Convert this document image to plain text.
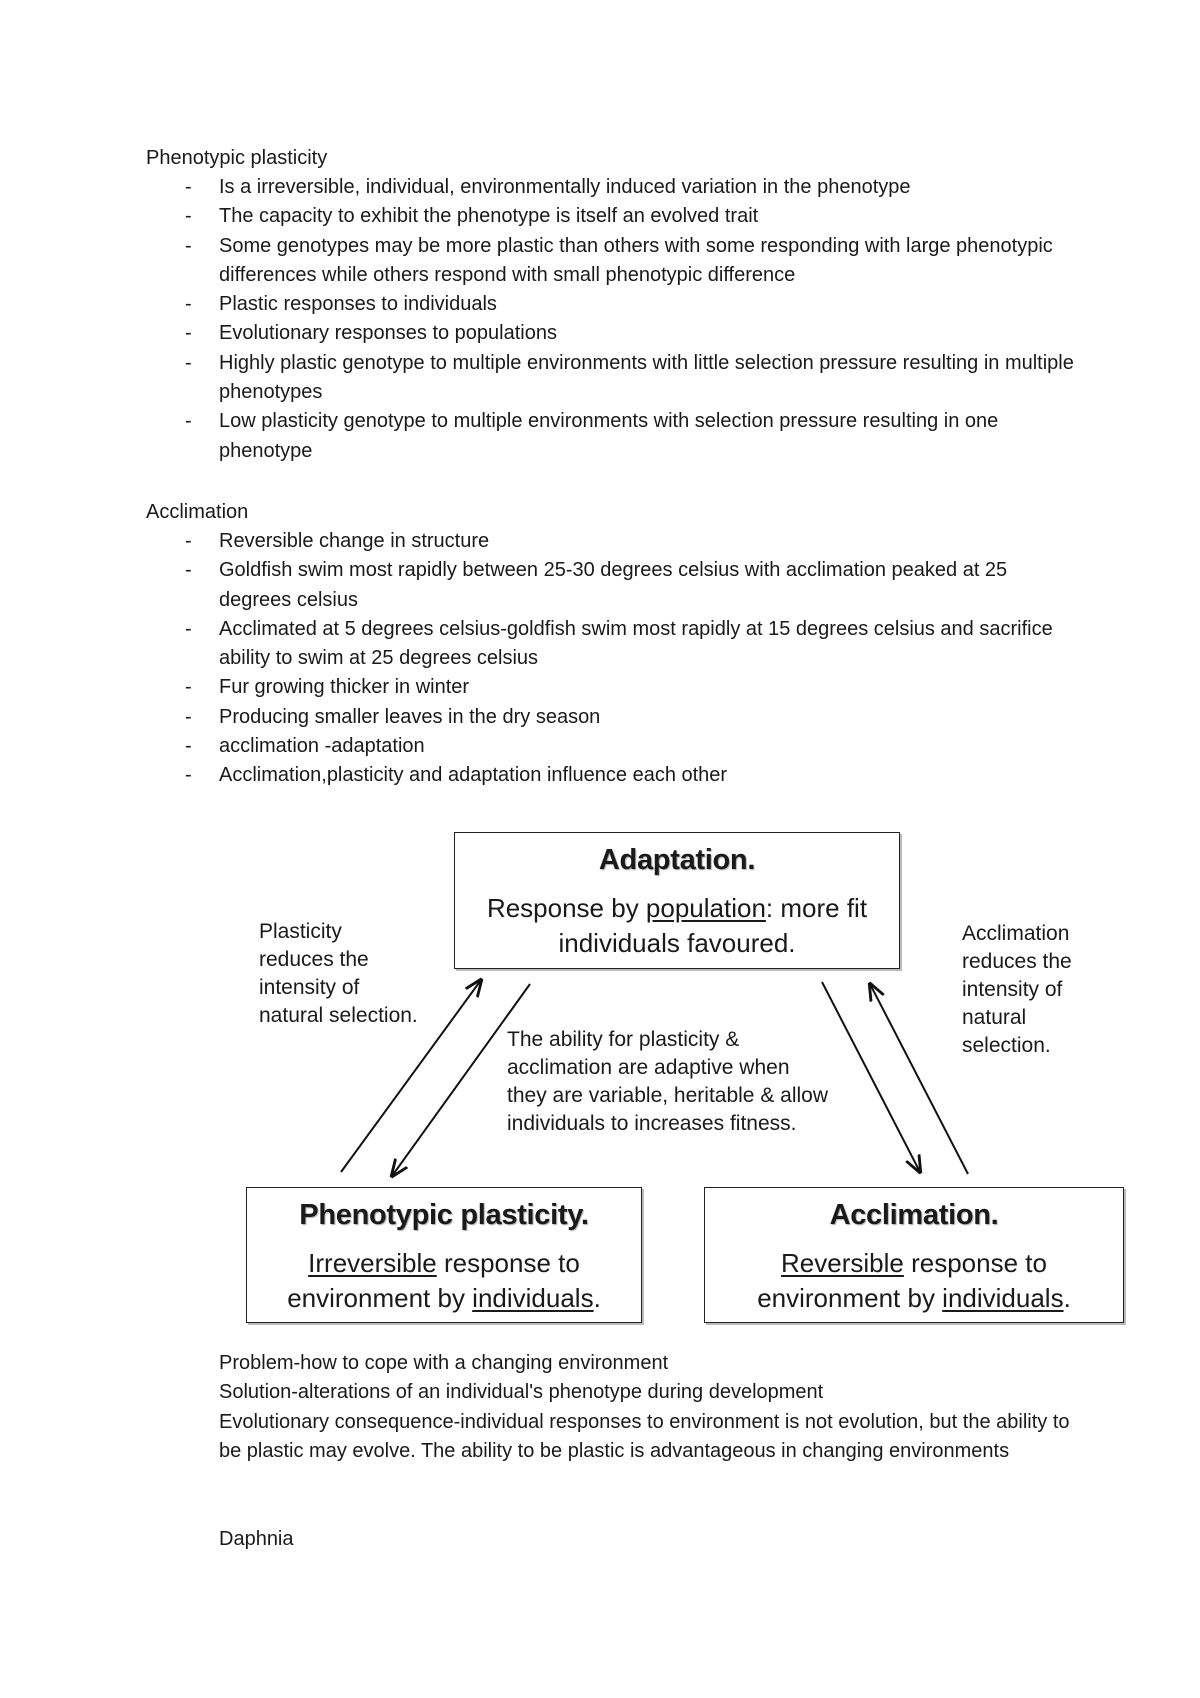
Phenotypic plasticity
- Is a irreversible, individual, environmentally induced variation in the phenotype
- The capacity to exhibit the phenotype is itself an evolved trait
- Some genotypes may be more plastic than others with some responding with large phenotypic differences while others respond with small phenotypic difference
- Plastic responses to individuals
- Evolutionary responses to populations
- Highly plastic genotype to multiple environments with little selection pressure resulting in multiple phenotypes
- Low plasticity genotype to multiple environments with selection pressure resulting in one phenotype
Acclimation
- Reversible change in structure
- Goldfish swim most rapidly between 25-30 degrees celsius with acclimation peaked at 25 degrees celsius
- Acclimated at 5 degrees celsius-goldfish swim most rapidly at 15 degrees celsius and sacrifice ability to swim at 25 degrees celsius
- Fur growing thicker in winter
- Producing smaller leaves in the dry season
- acclimation -adaptation
- Acclimation,plasticity and adaptation influence each other
Adaptation.
Response by population: more fit
individuals favoured.
Phenotypic plasticity.
Irreversible response to
environment by individuals.
Acclimation.
Reversible response to
environment by individuals.
Plasticity
reduces the
intensity of
natural selection.
Acclimation
reduces the
intensity of
natural
selection.
The ability for plasticity &
acclimation are adaptive when
they are variable, heritable & allow
individuals to increases fitness.

Problem-how to cope with a changing environment

Solution-alterations of an individual's phenotype during development

Evolutionary consequence-individual responses to environment is not evolution, but the ability to be plastic may evolve. The ability to be plastic is advantageous in changing environments

Daphnia
